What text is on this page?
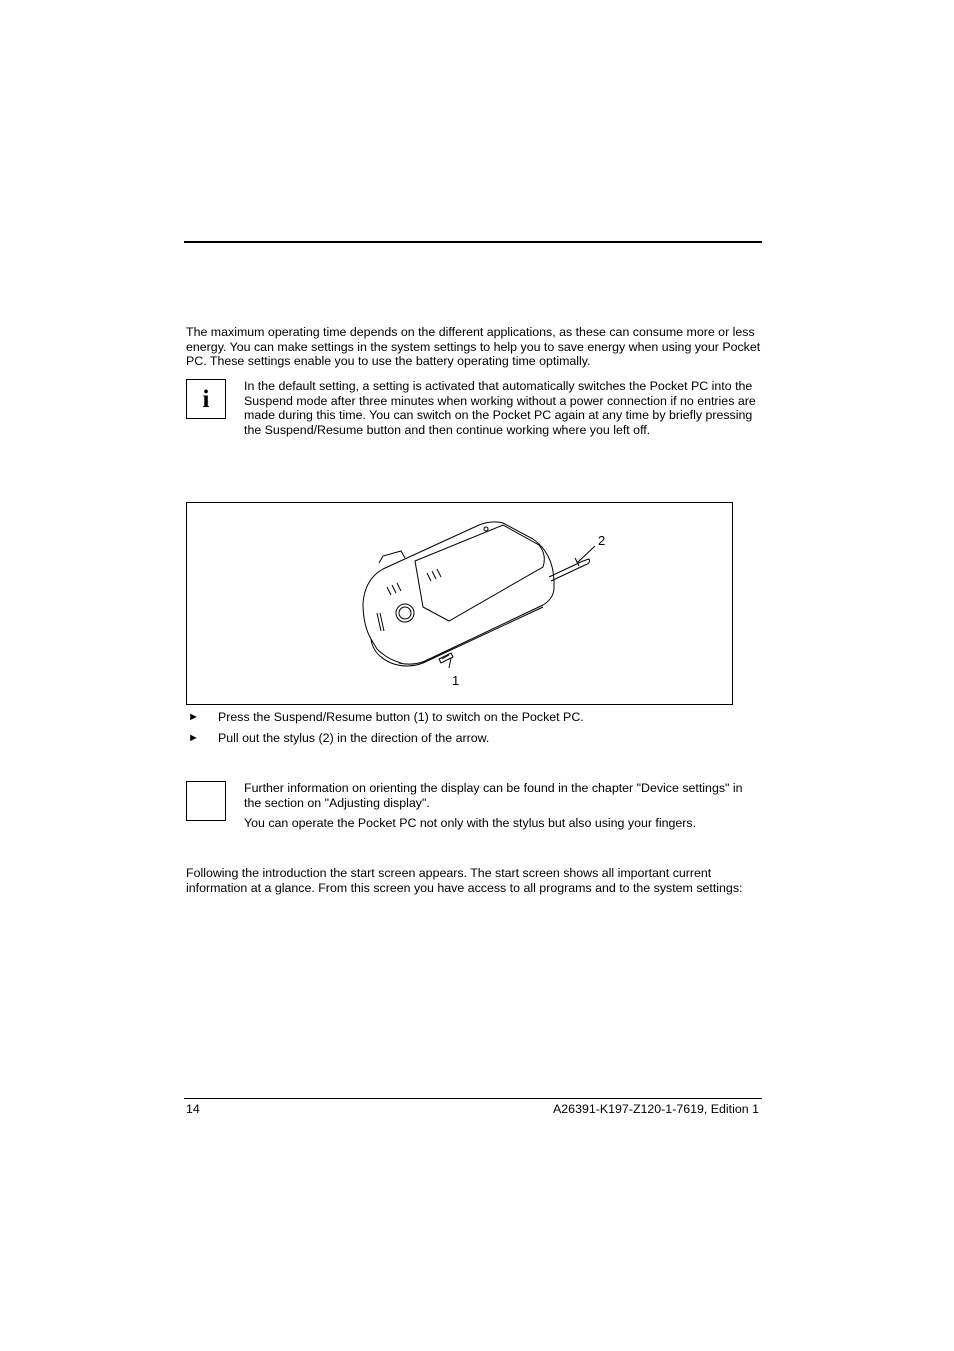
The maximum operating time depends on the different applications, as these can consume more or less energy. You can make settings in the system settings to help you to save energy when using your Pocket PC. These settings enable you to use the battery operating time optimally.

i	In the default setting, a setting is activated that automatically switches the Pocket PC into the Suspend mode after three minutes when working without a power connection if no entries are made during this time. You can switch on the Pocket PC again at any time by briefly pressing the Suspend/Resume button and then continue working where you left off.

2
1
► Press the Suspend/Resume button (1) to switch on the Pocket PC.
► Pull out the stylus (2) in the direction of the arrow.

Further information on orienting the display can be found in the chapter "Device settings" in the section on "Adjusting display".

You can operate the Pocket PC not only with the stylus but also using your fingers.

Following the introduction the start screen appears. The start screen shows all important current information at a glance. From this screen you have access to all programs and to the system settings:

14	A26391-K197-Z120-1-7619, Edition 1
